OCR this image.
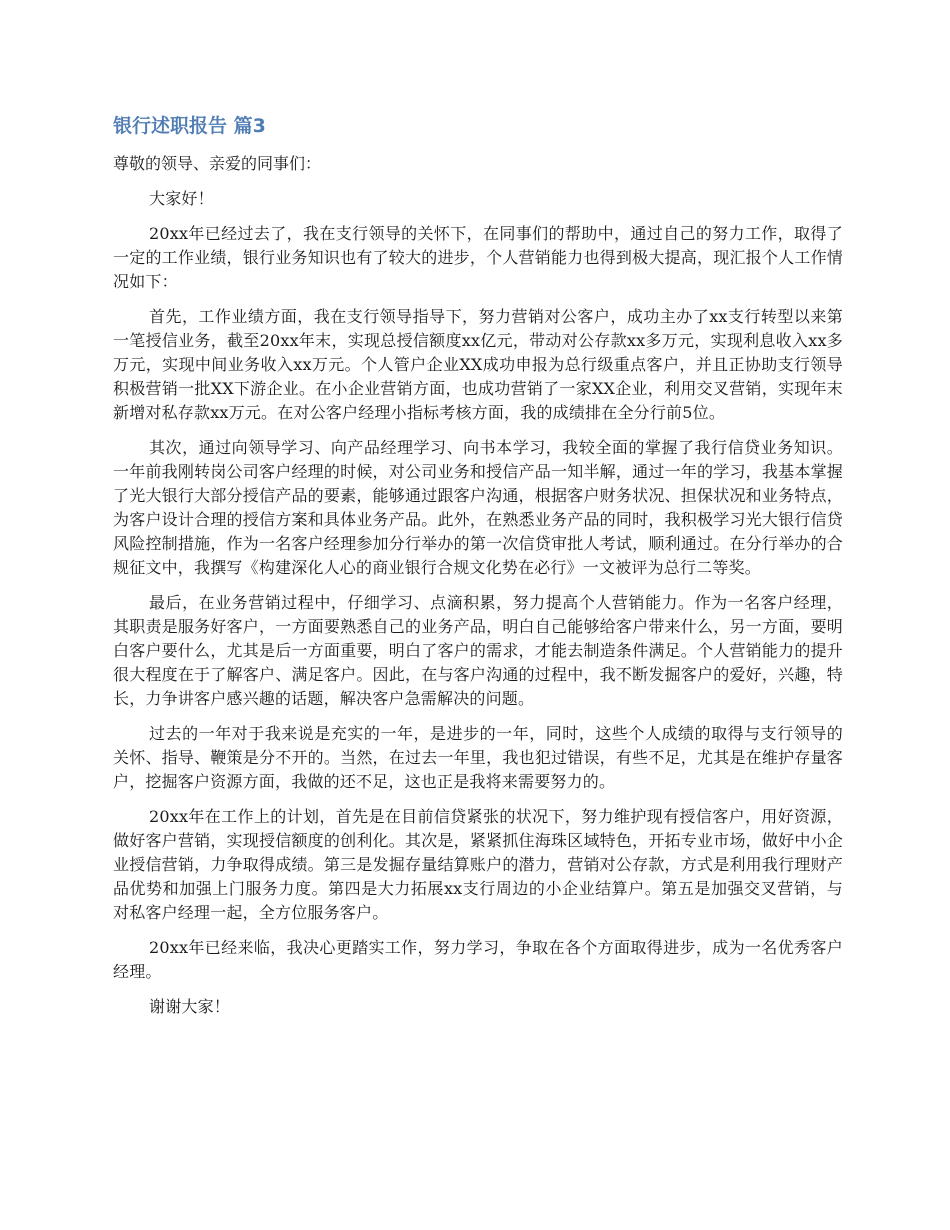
银行述职报告 篇3

尊敬的领导、亲爱的同事们：

大家好！

20xx年已经过去了，我在支行领导的关怀下，在同事们的帮助中，通过自己的努力工作，取得了一定的工作业绩，银行业务知识也有了较大的进步，个人营销能力也得到极大提高，现汇报个人工作情况如下：

首先，工作业绩方面，我在支行领导指导下，努力营销对公客户，成功主办了xx支行转型以来第一笔授信业务，截至20xx年末，实现总授信额度xx亿元，带动对公存款xx多万元，实现利息收入xx多万元，实现中间业务收入xx万元。个人管户企业XX成功申报为总行级重点客户，并且正协助支行领导积极营销一批XX下游企业。在小企业营销方面，也成功营销了一家XX企业，利用交叉营销，实现年末新增对私存款xx万元。在对公客户经理小指标考核方面，我的成绩排在全分行前5位。

其次，通过向领导学习、向产品经理学习、向书本学习，我较全面的掌握了我行信贷业务知识。一年前我刚转岗公司客户经理的时候，对公司业务和授信产品一知半解，通过一年的学习，我基本掌握了光大银行大部分授信产品的要素，能够通过跟客户沟通，根据客户财务状况、担保状况和业务特点，为客户设计合理的授信方案和具体业务产品。此外，在熟悉业务产品的同时，我积极学习光大银行信贷风险控制措施，作为一名客户经理参加分行举办的第一次信贷审批人考试，顺利通过。在分行举办的合规征文中，我撰写《构建深化人心的商业银行合规文化势在必行》一文被评为总行二等奖。

最后，在业务营销过程中，仔细学习、点滴积累，努力提高个人营销能力。作为一名客户经理，其职责是服务好客户，一方面要熟悉自己的业务产品，明白自己能够给客户带来什么，另一方面，要明白客户要什么，尤其是后一方面重要，明白了客户的需求，才能去制造条件满足。个人营销能力的提升很大程度在于了解客户、满足客户。因此，在与客户沟通的过程中，我不断发掘客户的爱好，兴趣，特长，力争讲客户感兴趣的话题，解决客户急需解决的问题。

过去的一年对于我来说是充实的一年，是进步的一年，同时，这些个人成绩的取得与支行领导的关怀、指导、鞭策是分不开的。当然，在过去一年里，我也犯过错误，有些不足，尤其是在维护存量客户，挖掘客户资源方面，我做的还不足，这也正是我将来需要努力的。

20xx年在工作上的计划，首先是在目前信贷紧张的状况下，努力维护现有授信客户，用好资源，做好客户营销，实现授信额度的创利化。其次是，紧紧抓住海珠区域特色，开拓专业市场，做好中小企业授信营销，力争取得成绩。第三是发掘存量结算账户的潜力，营销对公存款，方式是利用我行理财产品优势和加强上门服务力度。第四是大力拓展xx支行周边的小企业结算户。第五是加强交叉营销，与对私客户经理一起，全方位服务客户。

20xx年已经来临，我决心更踏实工作，努力学习，争取在各个方面取得进步，成为一名优秀客户经理。

谢谢大家！
